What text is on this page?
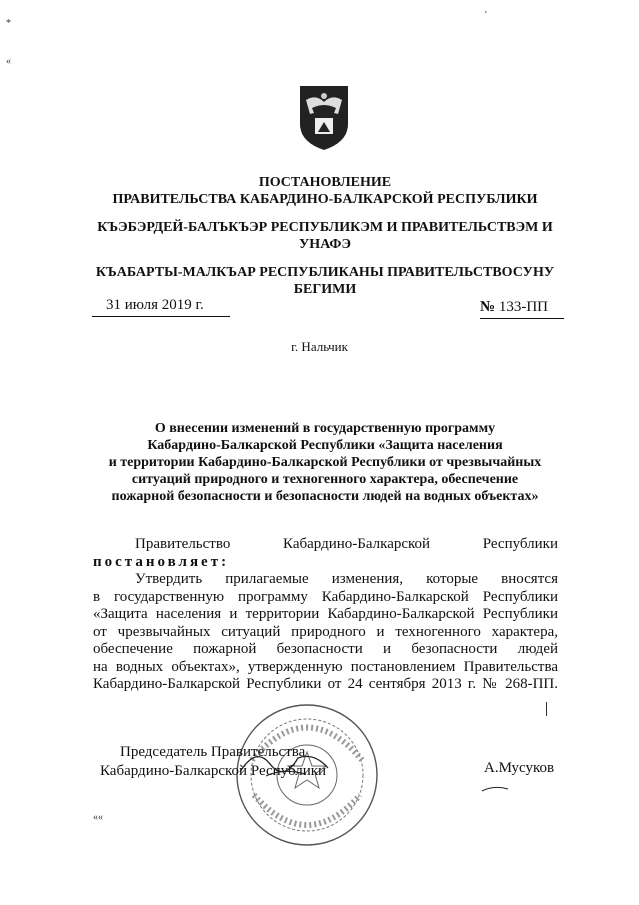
*
«
'
««
ПОСТАНОВЛЕНИЕ
ПРАВИТЕЛЬСТВА КАБАРДИНО-БАЛКАРСКОЙ РЕСПУБЛИКИ
КЪЭБЭРДЕЙ-БАЛЪКЪЭР РЕСПУБЛИКЭМ И ПРАВИТЕЛЬСТВЭМ И
УНАФЭ
КЪАБАРТЫ-МАЛКЪАР РЕСПУБЛИКАНЫ ПРАВИТЕЛЬСТВОСУНУ
БЕГИМИ
31 июля 2019 г.	№ 133-ПП
г. Нальчик
О внесении изменений в государственную программу
Кабардино-Балкарской Республики «Защита населения
и территории Кабардино-Балкарской Республики от чрезвычайных
ситуаций природного и техногенного характера, обеспечение
пожарной безопасности и безопасности людей на водных объектах»
Правительство Кабардино-Балкарской Республики
постановляет:
Утвердить прилагаемые изменения, которые вносятся
в государственную программу Кабардино-Балкарской Республики
«Защита населения и территории Кабардино-Балкарской Республики
от чрезвычайных ситуаций природного и техногенного характера,
обеспечение пожарной безопасности и безопасности людей
на водных объектах», утвержденную постановлением Правительства
Кабардино-Балкарской Республики от 24 сентября 2013 г. № 268-ПП.
Председатель Правительства
Кабардино-Балкарской Республики	А.Мусуков
